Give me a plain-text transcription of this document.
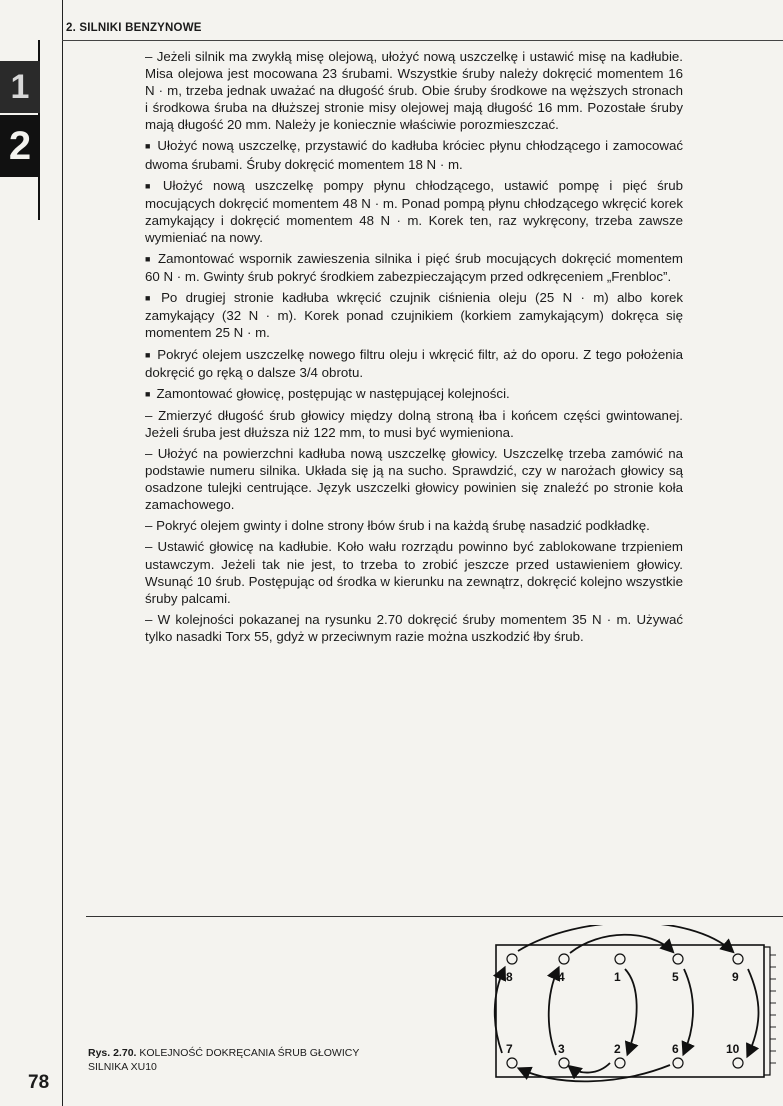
2. SILNIKI BENZYNOWE
1
2

– Jeżeli silnik ma zwykłą misę olejową, ułożyć nową uszczelkę i ustawić misę na kadłubie. Misa olejowa jest mocowana 23 śrubami. Wszystkie śruby należy dokręcić momentem 16 N · m, trzeba jednak uważać na długość śrub. Obie śruby środkowe na węższych stronach i środkowa śruba na dłuższej stronie misy olejowej mają długość 16 mm. Pozostałe śruby mają długość 20 mm. Należy je koniecznie właściwie porozmieszczać.

■ Ułożyć nową uszczelkę, przystawić do kadłuba króciec płynu chłodzącego i zamocować dwoma śrubami. Śruby dokręcić momentem 18 N · m.

■ Ułożyć nową uszczelkę pompy płynu chłodzącego, ustawić pompę i pięć śrub mocujących dokręcić momentem 48 N · m. Ponad pompą płynu chłodzącego wkręcić korek zamykający i dokręcić momentem 48 N · m. Korek ten, raz wykręcony, trzeba zawsze wymieniać na nowy.

■ Zamontować wspornik zawieszenia silnika i pięć śrub mocujących dokręcić momentem 60 N · m. Gwinty śrub pokryć środkiem zabezpieczającym przed odkręceniem „Frenbloc”.

■ Po drugiej stronie kadłuba wkręcić czujnik ciśnienia oleju (25 N · m) albo korek zamykający (32 N · m). Korek ponad czujnikiem (korkiem zamykającym) dokręca się momentem 25 N · m.

■ Pokryć olejem uszczelkę nowego filtru oleju i wkręcić filtr, aż do oporu. Z tego położenia dokręcić go ręką o dalsze 3/4 obrotu.

■ Zamontować głowicę, postępując w następującej kolejności.

– Zmierzyć długość śrub głowicy między dolną stroną łba i końcem części gwintowanej. Jeżeli śruba jest dłuższa niż 122 mm, to musi być wymieniona.

– Ułożyć na powierzchni kadłuba nową uszczelkę głowicy. Uszczelkę trzeba zamówić na podstawie numeru silnika. Układa się ją na sucho. Sprawdzić, czy w narożach głowicy są osadzone tulejki centrujące. Język uszczelki głowicy powinien się znaleźć po stronie koła zamachowego.

– Pokryć olejem gwinty i dolne strony łbów śrub i na każdą śrubę nasadzić podkładkę.

– Ustawić głowicę na kadłubie. Koło wału rozrządu powinno być zablokowane trzpieniem ustawczym. Jeżeli tak nie jest, to trzeba to zrobić jeszcze przed ustawieniem głowicy. Wsunąć 10 śrub. Postępując od środka w kierunku na zewnątrz, dokręcić kolejno wszystkie śruby palcami.

– W kolejności pokazanej na rysunku 2.70 dokręcić śruby momentem 35 N · m. Używać tylko nasadki Torx 55, gdyż w przeciwnym razie można uszkodzić łby śrub.

8	4	1	5	9
7	3	2	6	10
Rys. 2.70. KOLEJNOŚĆ DOKRĘCANIA ŚRUB GŁOWICY
SILNIKA XU10
78
